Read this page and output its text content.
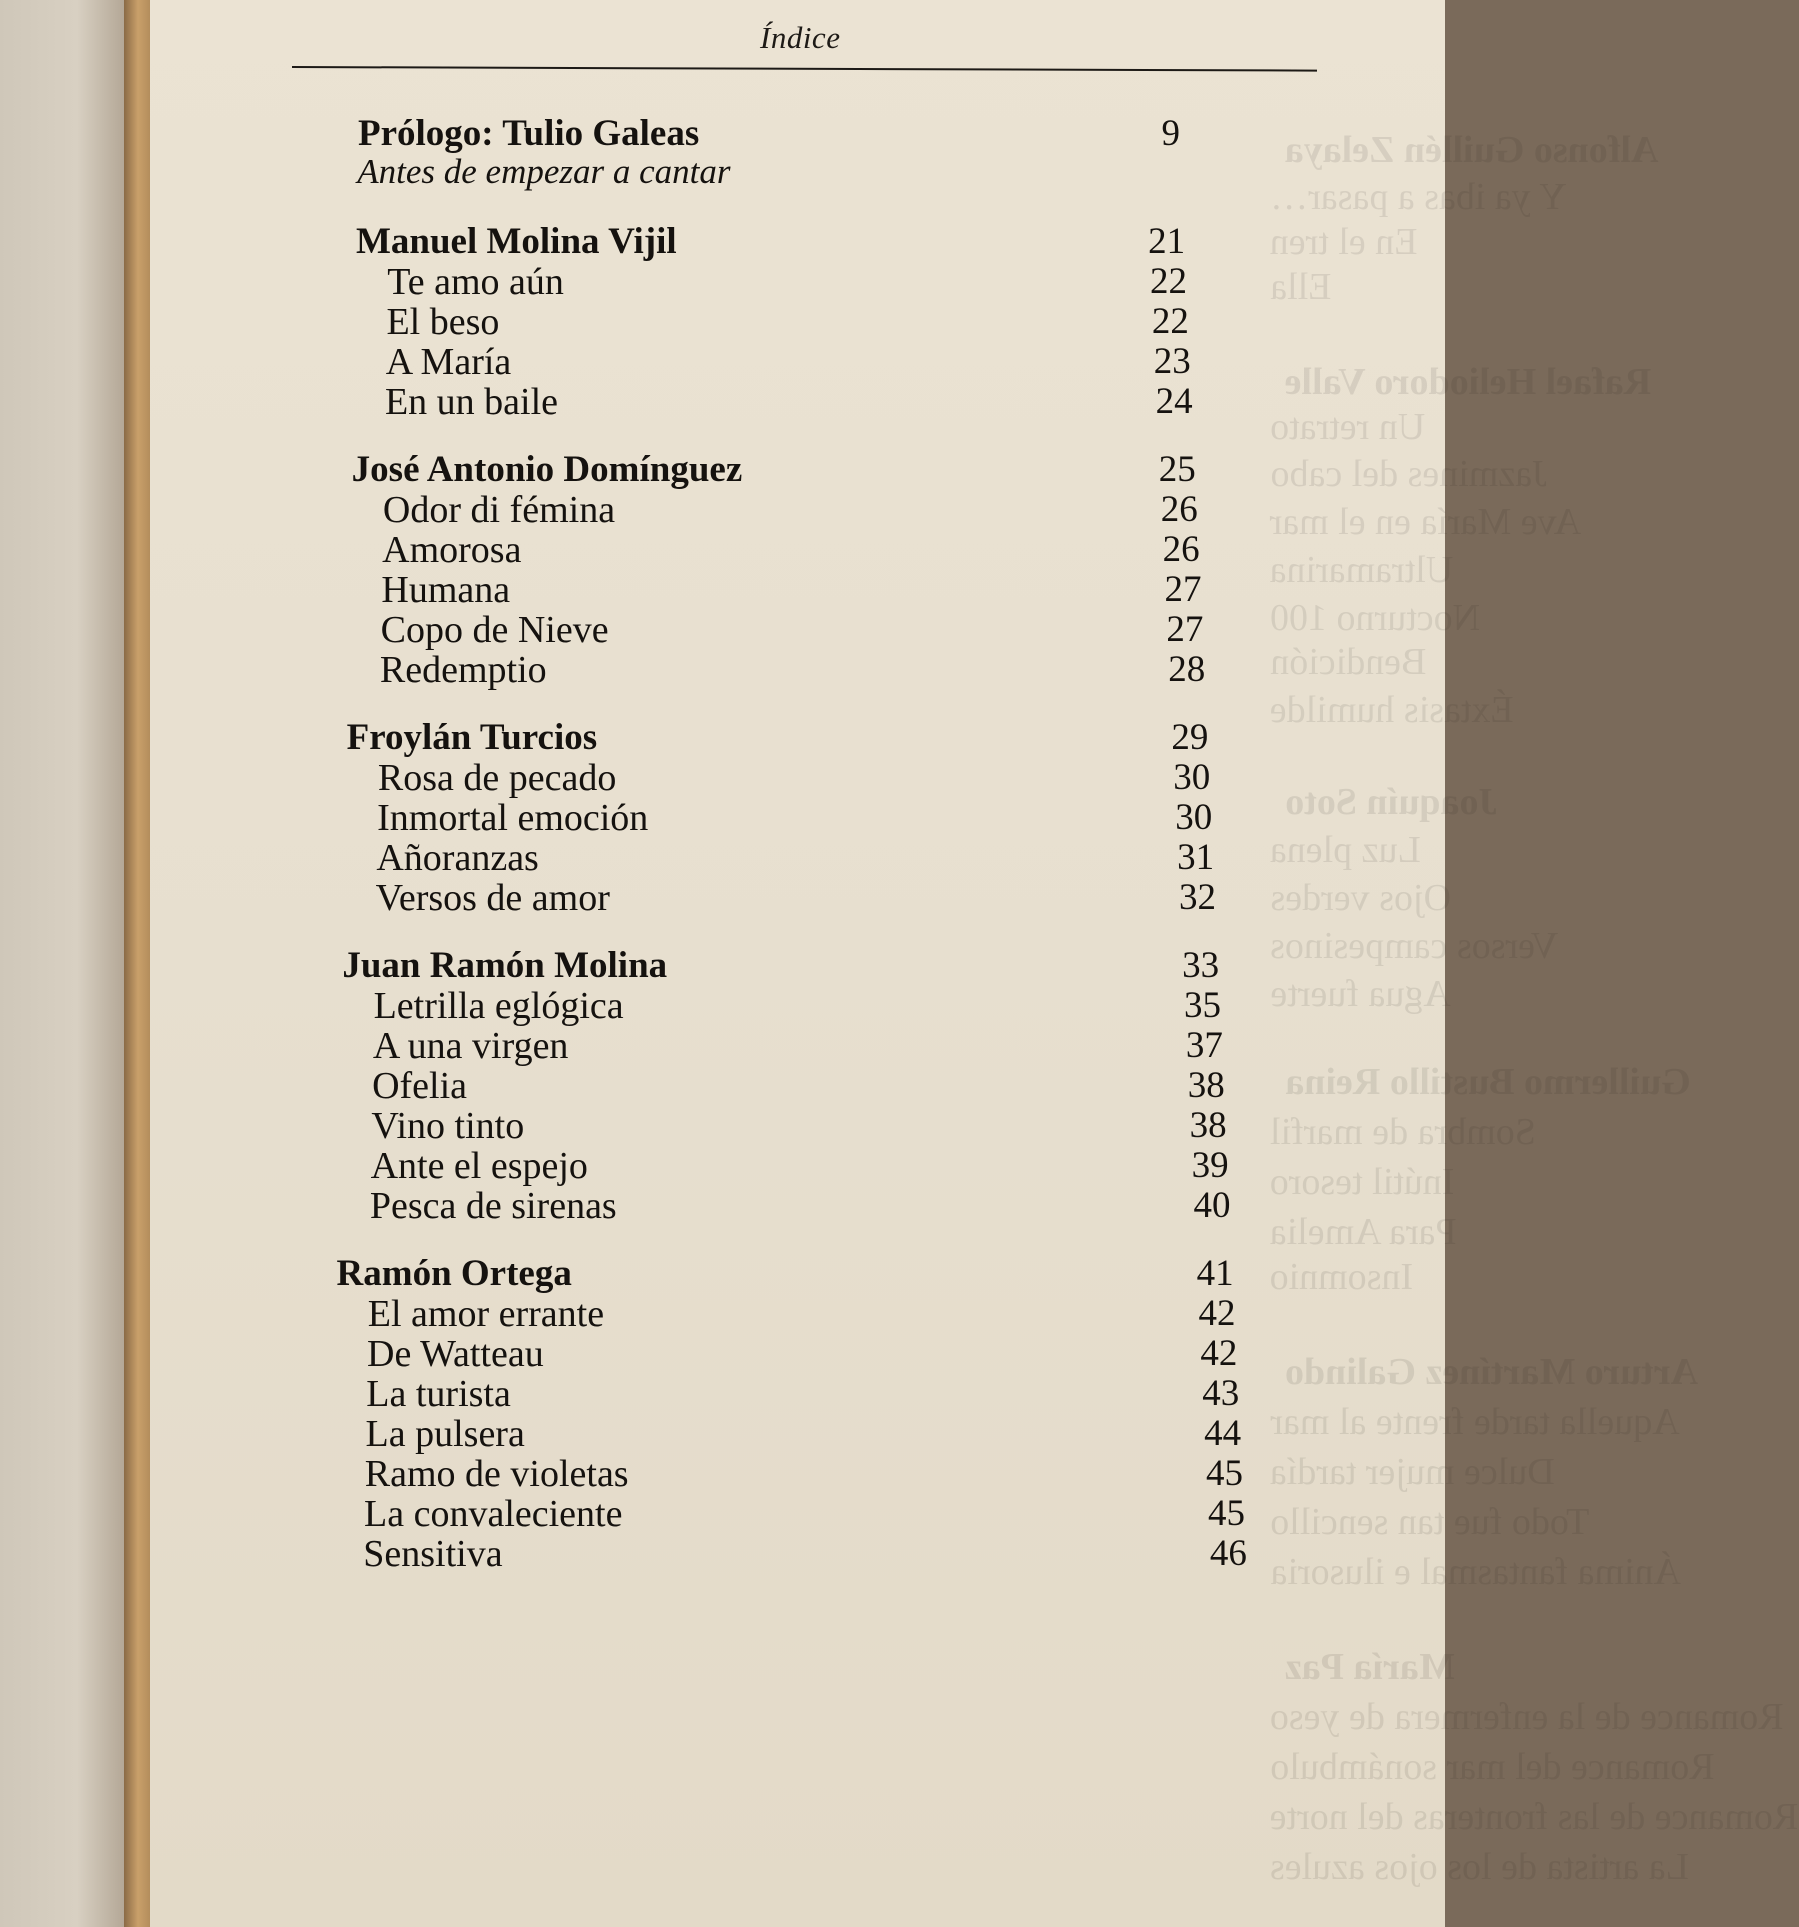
Índice
Prólogo: Tulio Galeas	9
Antes de empezar a cantar
Manuel Molina Vijil	21
Te amo aún	22
El beso	22
A María	23
En un baile	24
José Antonio Domínguez	25
Odor di fémina	26
Amorosa	26
Humana	27
Copo de Nieve	27
Redemptio	28
Froylán Turcios	29
Rosa de pecado	30
Inmortal emoción	30
Añoranzas	31
Versos de amor	32
Juan Ramón Molina	33
Letrilla eglógica	35
A una virgen	37
Ofelia	38
Vino tinto	38
Ante el espejo	39
Pesca de sirenas	40
Ramón Ortega	41
El amor errante	42
De Watteau	42
La turista	43
La pulsera	44
Ramo de violetas	45
La convaleciente	45
Sensitiva	46
Alfonso Guillén Zelaya
Y ya ibas a pasar…
En el tren
Ella
Rafael Heliodoro Valle
Un retrato
Jazmines del cabo
Ave María en el mar
Ultramarina
Nocturno 100
Bendición
Éxtasis humilde
Joaquín Soto
Luz plena
Ojos verdes
Versos campesinos
Agua fuerte
Guillermo Bustillo Reina
Sombra de marfil
Inútil tesoro
Para Amelia
Insomnio
Arturo Martínez Galindo
Aquella tarde frente al mar
Dulce mujer tardía
Todo fue tan sencillo
Ánima fantasmal e ilusoria
María Paz
Romance de la enfermera de yeso
Romance del mar sonámbulo
Romance de las fronteras del norte
La artista de los ojos azules
